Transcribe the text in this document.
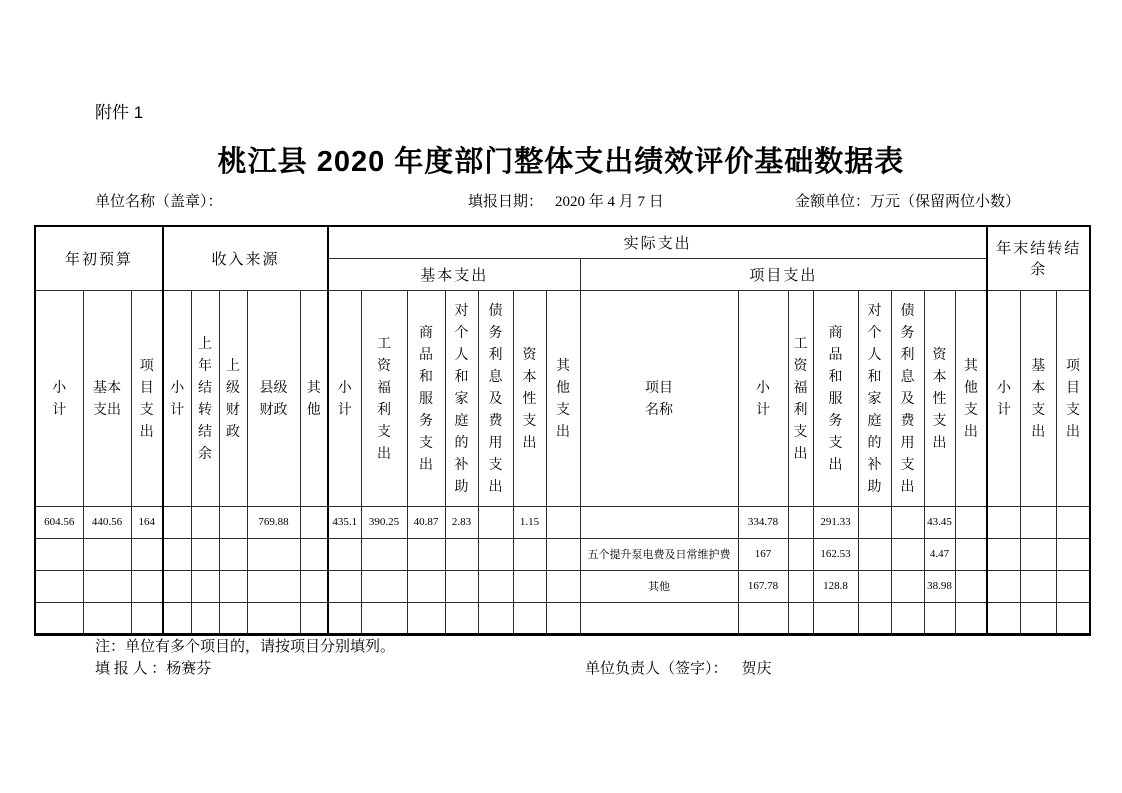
附件 1
桃江县 2020 年度部门整体支出绩效评价基础数据表
单位名称（盖章）：	填报日期： 2020 年 4 月 7 日	金额单位：万元（保留两位小数）
年初预算			收入来源					实际支出															年末结转结余		
								基本支出							项目支出										
小计	基本支出	项目支出	小计	上年结转结余	上级财政	县级财政	其他	小计	工资福利支出	商品和服务支出	对个人和家庭的补助	债务利息及费用支出	资本性支出	其他支出	项目名称	小计	工资福利支出	商品和服务支出	对个人和家庭的补助	债务利息及费用支出	资本性支出	其他支出	小计	基本支出	项目支出
604.56	440.56	164				769.88		435.1	390.25	40.87	2.83		1.15			334.78		291.33			43.45				
															五个提升泵电费及日常维护费	167		162.53			4.47				
															其他	167.78		128.8			38.98				

注：单位有多个项目的，请按项目分别填列。
填 报 人 ：杨赛芬	单位负责人（签字）： 贺庆
